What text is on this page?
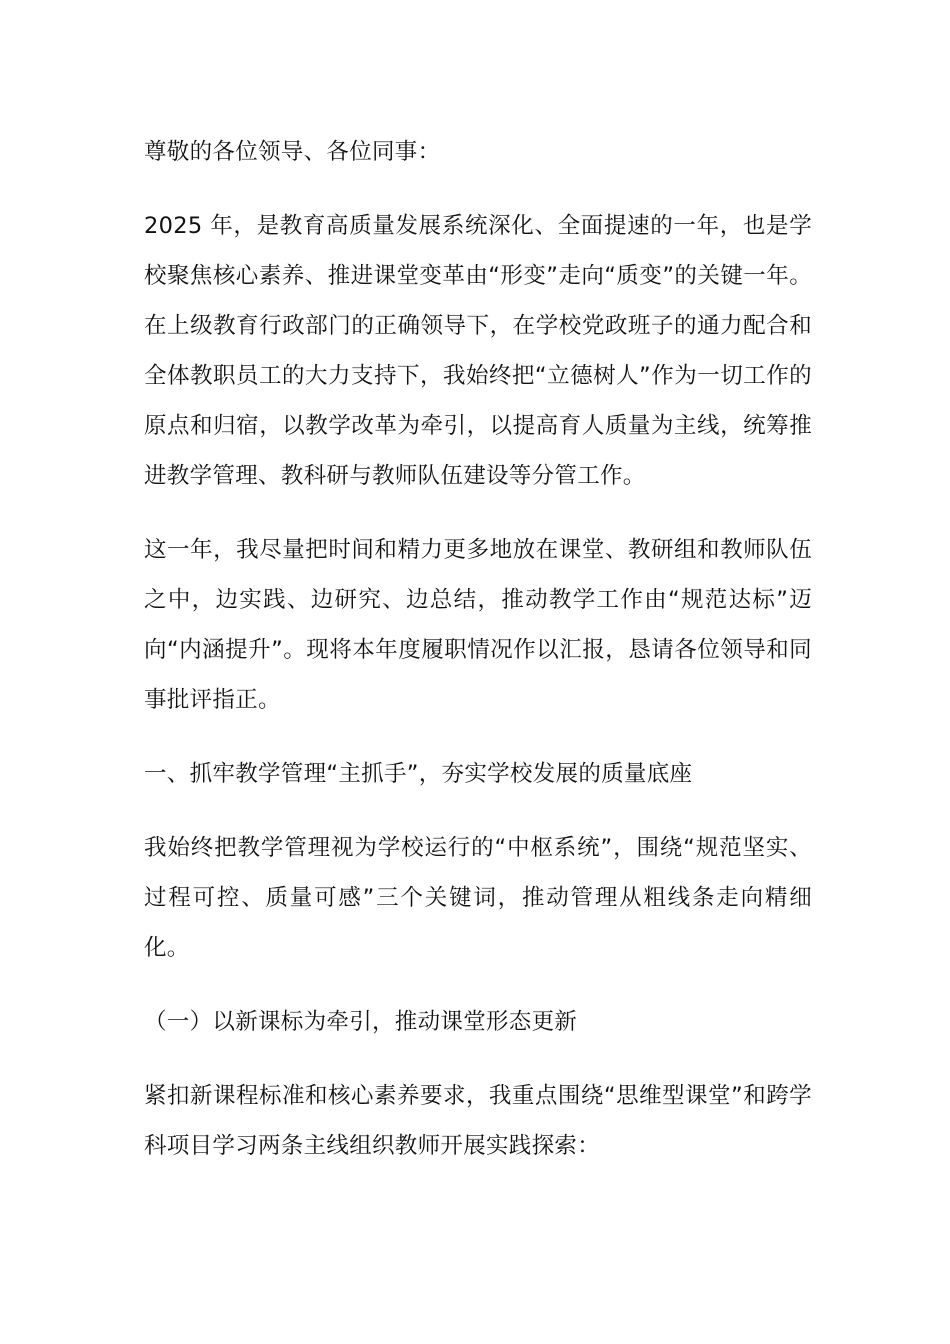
尊敬的各位领导、各位同事：

2025 年，是教育高质量发展系统深化、全面提速的一年，也是学校聚焦核心素养、推进课堂变革由“形变”走向“质变”的关键一年。在上级教育行政部门的正确领导下，在学校党政班子的通力配合和全体教职员工的大力支持下，我始终把“立德树人”作为一切工作的原点和归宿，以教学改革为牵引，以提高育人质量为主线，统筹推进教学管理、教科研与教师队伍建设等分管工作。

这一年，我尽量把时间和精力更多地放在课堂、教研组和教师队伍之中，边实践、边研究、边总结，推动教学工作由“规范达标”迈向“内涵提升”。现将本年度履职情况作以汇报，恳请各位领导和同事批评指正。

一、抓牢教学管理“主抓手”，夯实学校发展的质量底座

我始终把教学管理视为学校运行的“中枢系统”，围绕“规范坚实、过程可控、质量可感”三个关键词，推动管理从粗线条走向精细化。

（一）以新课标为牵引，推动课堂形态更新

紧扣新课程标准和核心素养要求，我重点围绕“思维型课堂”和跨学科项目学习两条主线组织教师开展实践探索：
